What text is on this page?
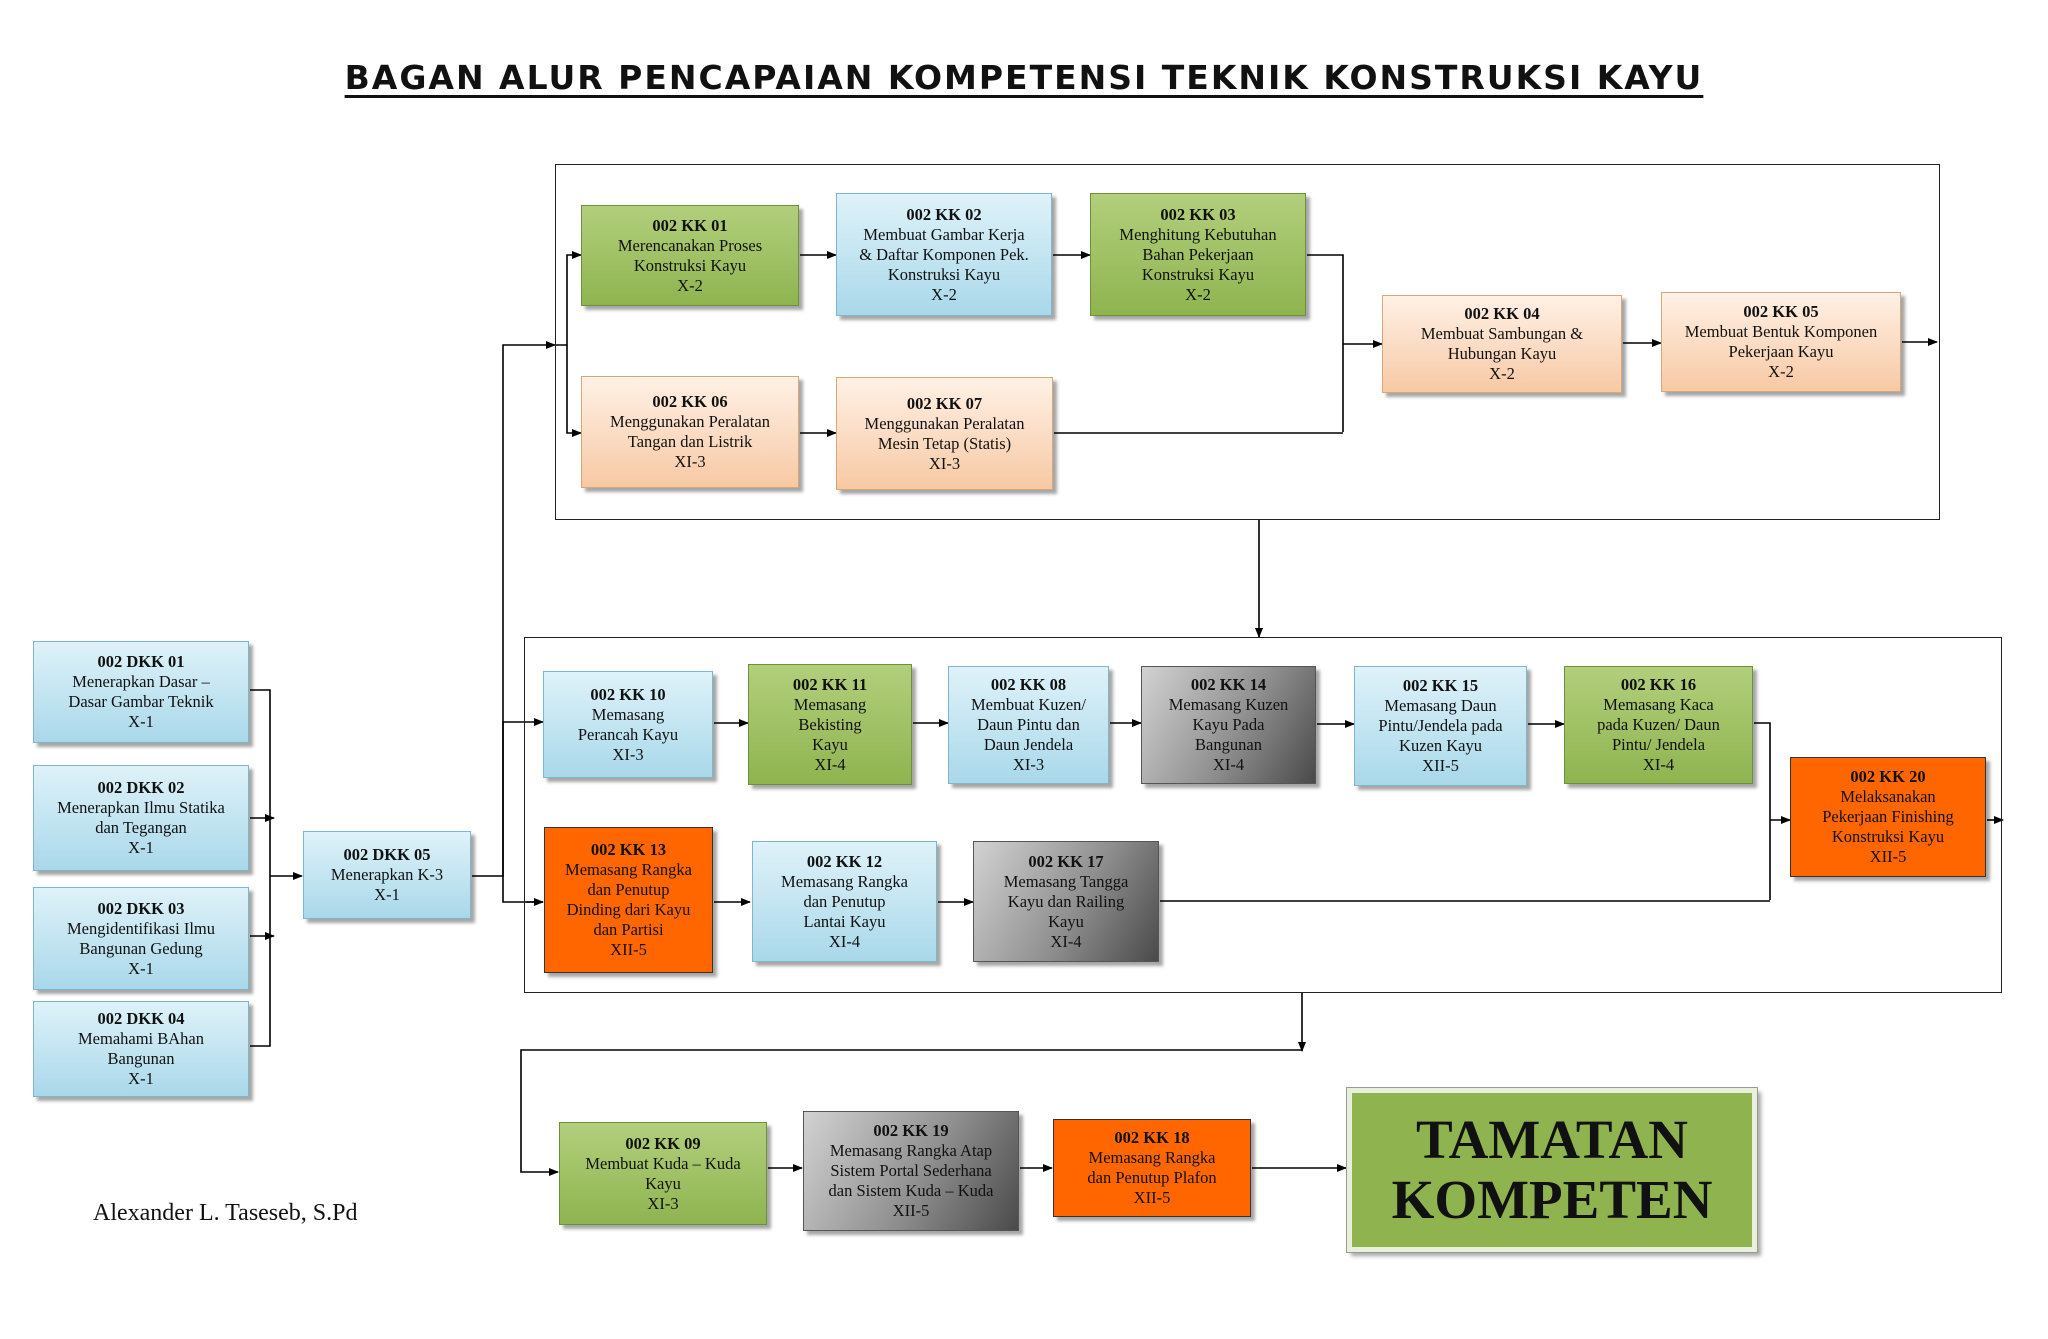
BAGAN ALUR PENCAPAIAN KOMPETENSI TEKNIK KONSTRUKSI KAYU
002 DKK 01
Menerapkan Dasar –
Dasar Gambar Teknik
X-1
002 DKK 02
Menerapkan Ilmu Statika
dan Tegangan
X-1
002 DKK 03
Mengidentifikasi Ilmu
Bangunan Gedung
X-1
002 DKK 04
Memahami BAhan
Bangunan
X-1
002 DKK 05
Menerapkan K-3
X-1
002 KK 01
Merencanakan Proses
Konstruksi Kayu
X-2
002 KK 02
Membuat Gambar Kerja
& Daftar Komponen Pek.
Konstruksi Kayu
X-2
002 KK 03
Menghitung Kebutuhan
Bahan Pekerjaan
Konstruksi Kayu
X-2
002 KK 04
Membuat Sambungan &
Hubungan Kayu
X-2
002 KK 05
Membuat Bentuk Komponen
Pekerjaan Kayu
X-2
002 KK 06
Menggunakan Peralatan
Tangan dan Listrik
XI-3
002 KK 07
Menggunakan Peralatan
Mesin Tetap (Statis)
XI-3
002 KK 10
Memasang
Perancah Kayu
XI-3
002 KK 11
Memasang
Bekisting
Kayu
XI-4
002 KK 08
Membuat Kuzen/
Daun Pintu dan
Daun Jendela
XI-3
002 KK 14
Memasang Kuzen
Kayu Pada
Bangunan
XI-4
002 KK 15
Memasang Daun
Pintu/Jendela pada
Kuzen Kayu
XII-5
002 KK 16
Memasang Kaca
pada Kuzen/ Daun
Pintu/ Jendela
XI-4
002 KK 20
Melaksanakan
Pekerjaan Finishing
Konstruksi Kayu
XII-5
002 KK 13
Memasang Rangka
dan Penutup
Dinding dari Kayu
dan Partisi
XII-5
002 KK 12
Memasang Rangka
dan Penutup
Lantai Kayu
XI-4
002 KK 17
Memasang Tangga
Kayu dan Railing
Kayu
XI-4
002 KK 09
Membuat Kuda – Kuda
Kayu
XI-3
002 KK 19
Memasang Rangka Atap
Sistem Portal Sederhana
dan Sistem Kuda – Kuda
XII-5
002 KK 18
Memasang Rangka
dan Penutup Plafon
XII-5
TAMATAN
KOMPETEN
Alexander L. Taseseb, S.Pd
